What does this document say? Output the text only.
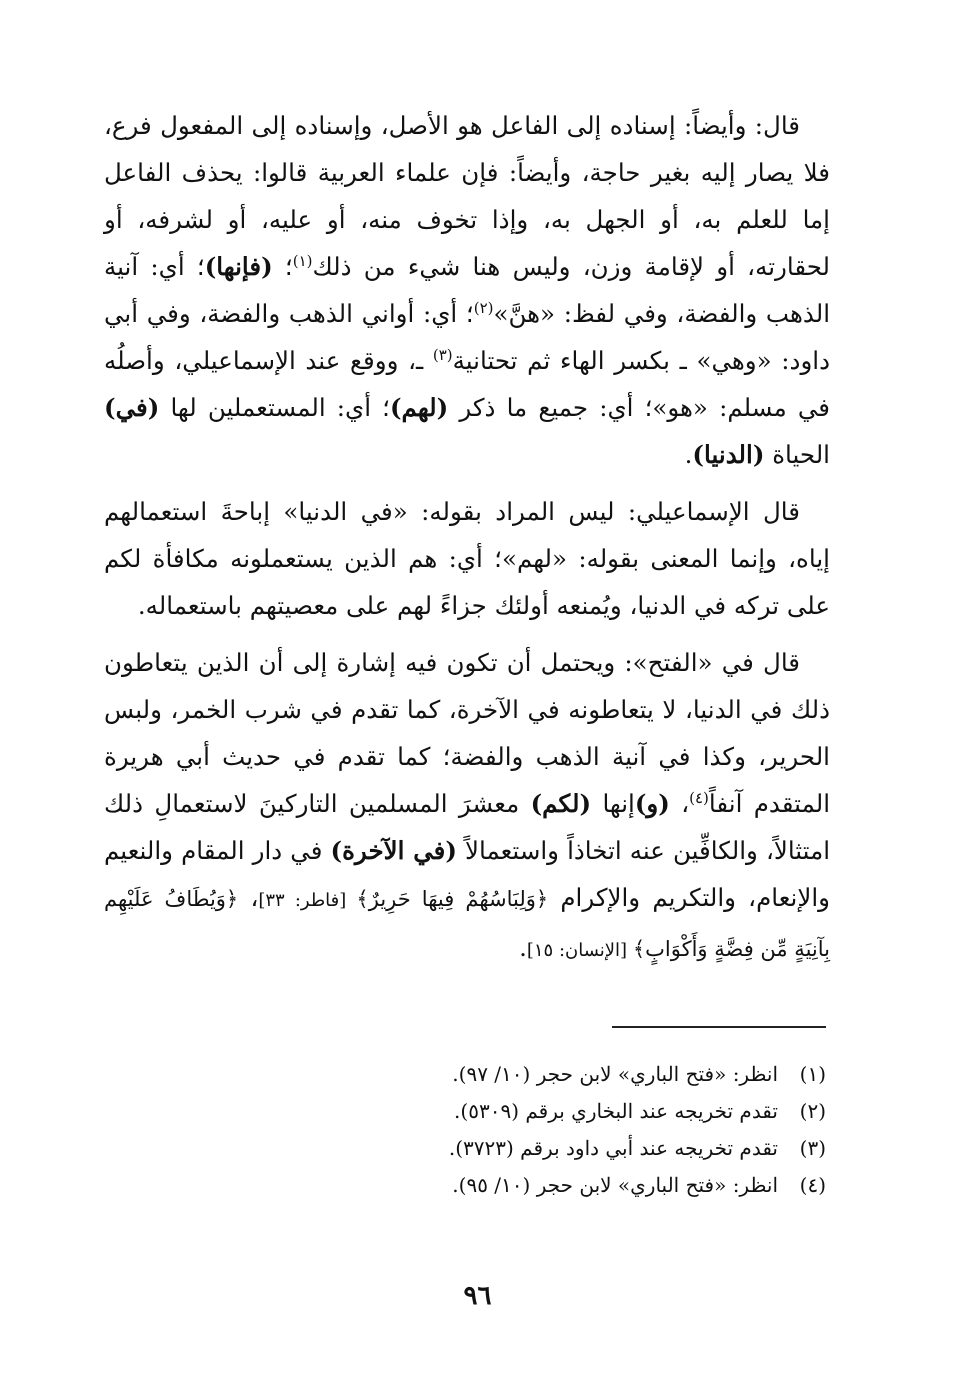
قال: وأيضاً: إسناده إلى الفاعل هو الأصل، وإسناده إلى المفعول فرع، فلا يصار إليه بغير حاجة، وأيضاً: فإن علماء العربية قالوا: يحذف الفاعل إما للعلم به، أو الجهل به، وإذا تخوف منه، أو عليه، أو لشرفه، أو لحقارته، أو لإقامة وزن، وليس هنا شيء من ذلك$^{(١)}$؛ (فإنها)؛ أي: آنية الذهب والفضة، وفي لفظ: «هنَّ»$^{(٢)}$؛ أي: أواني الذهب والفضة، وفي أبي داود: «وهي» ـ بكسر الهاء ثم تحتانية$^{(٣)}$ ـ، ووقع عند الإسماعيلي، وأصلُه في مسلم: «هو»؛ أي: جميع ما ذكر (لهم)؛ أي: المستعملين لها (في) الحياة (الدنيا).

قال الإسماعيلي: ليس المراد بقوله: «في الدنيا» إباحةَ استعمالهم إياه، وإنما المعنى بقوله: «لهم»؛ أي: هم الذين يستعملونه مكافأة لكم على تركه في الدنيا، ويُمنعه أولئك جزاءً لهم على معصيتهم باستعماله.

قال في «الفتح»: ويحتمل أن تكون فيه إشارة إلى أن الذين يتعاطون ذلك في الدنيا، لا يتعاطونه في الآخرة، كما تقدم في شرب الخمر، ولبس الحرير، وكذا في آنية الذهب والفضة؛ كما تقدم في حديث أبي هريرة المتقدم آنفاً$^{(٤)}$، (و)إنها (لكم) معشرَ المسلمين التاركينَ لاستعمالِ ذلك امتثالاً، والكافِّين عنه اتخاذاً واستعمالاً (في الآخرة) في دار المقام والنعيم والإنعام، والتكريم والإكرام ﴿وَلِبَاسُهُمْ فِيهَا حَرِيرٌ﴾ [فاطر: ٣٣]، ﴿وَيُطَافُ عَلَيْهِم بِآنِيَةٍ مِّن فِضَّةٍ وَأَكْوَابٍ﴾ [الإنسان: ١٥].

(١)
انظر: «فتح الباري» لابن حجر (١٠/ ٩٧).
(٢)
تقدم تخريجه عند البخاري برقم (٥٣٠٩).
(٣)
تقدم تخريجه عند أبي داود برقم (٣٧٢٣).
(٤)
انظر: «فتح الباري» لابن حجر (١٠/ ٩٥).
٩٦
